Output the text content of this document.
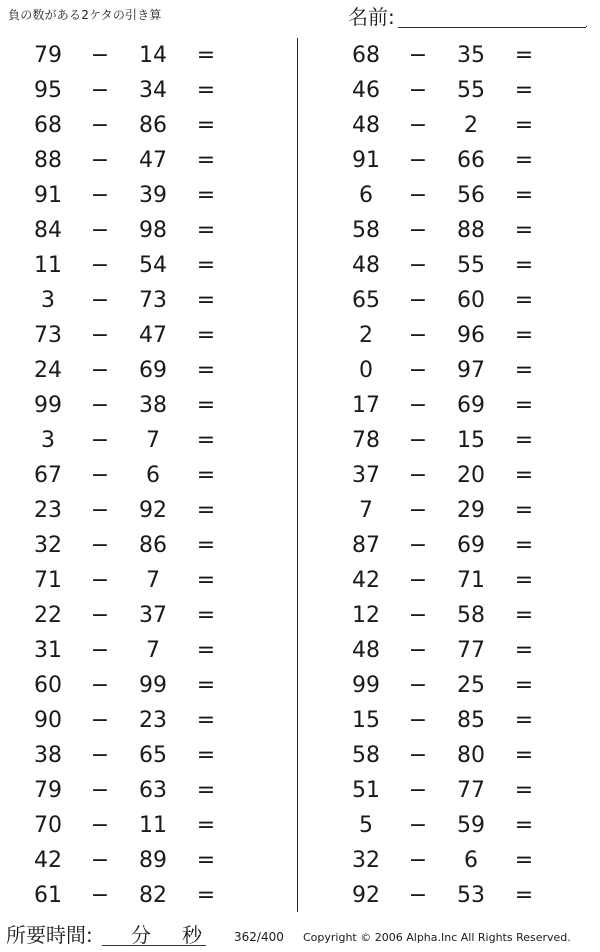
負の数がある2ケタの引き算	名前:	.
79	−	14	=
95	−	34	=
68	−	86	=
88	−	47	=
91	−	39	=
84	−	98	=
11	−	54	=
3	−	73	=
73	−	47	=
24	−	69	=
99	−	38	=
3	−	7	=
67	−	6	=
23	−	92	=
32	−	86	=
71	−	7	=
22	−	37	=
31	−	7	=
60	−	99	=
90	−	23	=
38	−	65	=
79	−	63	=
70	−	11	=
42	−	89	=
61	−	82	=
68	−	35	=
46	−	55	=
48	−	2	=
91	−	66	=
6	−	56	=
58	−	88	=
48	−	55	=
65	−	60	=
2	−	96	=
0	−	97	=
17	−	69	=
78	−	15	=
37	−	20	=
7	−	29	=
87	−	69	=
42	−	71	=
12	−	58	=
48	−	77	=
99	−	25	=
15	−	85	=
58	−	80	=
51	−	77	=
5	−	59	=
32	−	6	=
92	−	53	=
所要時間: 分 秒	362/400 Copyright © 2006 Alpha.Inc All Rights Reserved.
